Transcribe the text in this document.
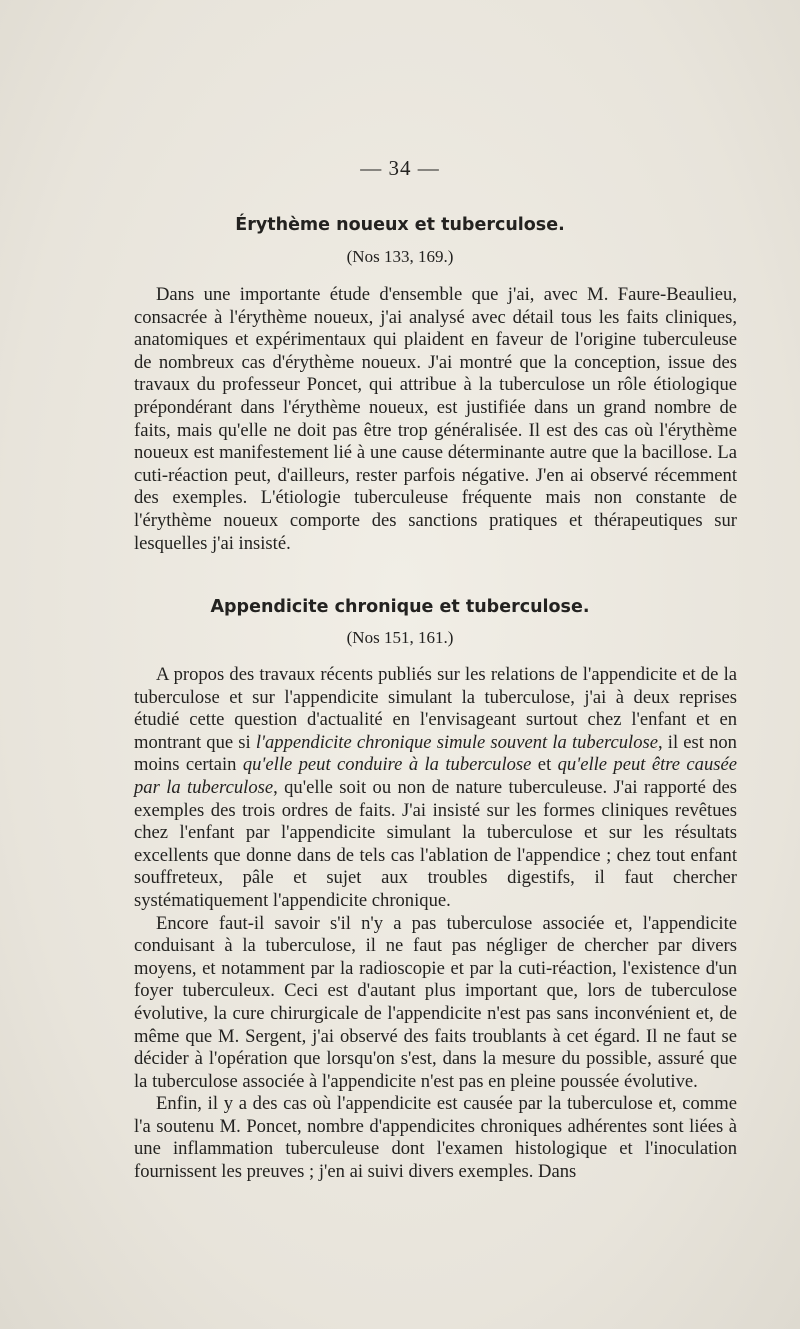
— 34 —
Érythème noueux et tuberculose.
(Nos 133, 169.)

Dans une importante étude d'ensemble que j'ai, avec M. Faure-Beaulieu, consacrée à l'érythème noueux, j'ai analysé avec détail tous les faits cliniques, anatomiques et expérimentaux qui plaident en faveur de l'origine tuberculeuse de nombreux cas d'érythème noueux. J'ai montré que la conception, issue des travaux du professeur Poncet, qui attribue à la tuberculose un rôle étiologique prépondérant dans l'érythème noueux, est justifiée dans un grand nombre de faits, mais qu'elle ne doit pas être trop généralisée. Il est des cas où l'érythème noueux est manifestement lié à une cause déterminante autre que la bacillose. La cuti-réaction peut, d'ailleurs, rester parfois négative. J'en ai observé récemment des exemples. L'étiologie tuberculeuse fréquente mais non constante de l'érythème noueux comporte des sanctions pratiques et thérapeutiques sur lesquelles j'ai insisté.

Appendicite chronique et tuberculose.
(Nos 151, 161.)

A propos des travaux récents publiés sur les relations de l'appendicite et de la tuberculose et sur l'appendicite simulant la tuberculose, j'ai à deux reprises étudié cette question d'actualité en l'envisageant surtout chez l'enfant et en montrant que si l'appendicite chronique simule souvent la tuberculose, il est non moins certain qu'elle peut conduire à la tuberculose et qu'elle peut être causée par la tuberculose, qu'elle soit ou non de nature tuberculeuse. J'ai rapporté des exemples des trois ordres de faits. J'ai insisté sur les formes cliniques revêtues chez l'enfant par l'appendicite simulant la tuberculose et sur les résultats excellents que donne dans de tels cas l'ablation de l'appendice ; chez tout enfant souffreteux, pâle et sujet aux troubles digestifs, il faut chercher systématiquement l'appendicite chronique.

Encore faut-il savoir s'il n'y a pas tuberculose associée et, l'appendicite conduisant à la tuberculose, il ne faut pas négliger de chercher par divers moyens, et notamment par la radioscopie et par la cuti-réaction, l'existence d'un foyer tuberculeux. Ceci est d'autant plus important que, lors de tuberculose évolutive, la cure chirurgicale de l'appendicite n'est pas sans inconvénient et, de même que M. Sergent, j'ai observé des faits troublants à cet égard. Il ne faut se décider à l'opération que lorsqu'on s'est, dans la mesure du possible, assuré que la tuberculose associée à l'appendicite n'est pas en pleine poussée évolutive.

Enfin, il y a des cas où l'appendicite est causée par la tuberculose et, comme l'a soutenu M. Poncet, nombre d'appendicites chroniques adhérentes sont liées à une inflammation tuberculeuse dont l'examen histologique et l'inoculation fournissent les preuves ; j'en ai suivi divers exemples. Dans
